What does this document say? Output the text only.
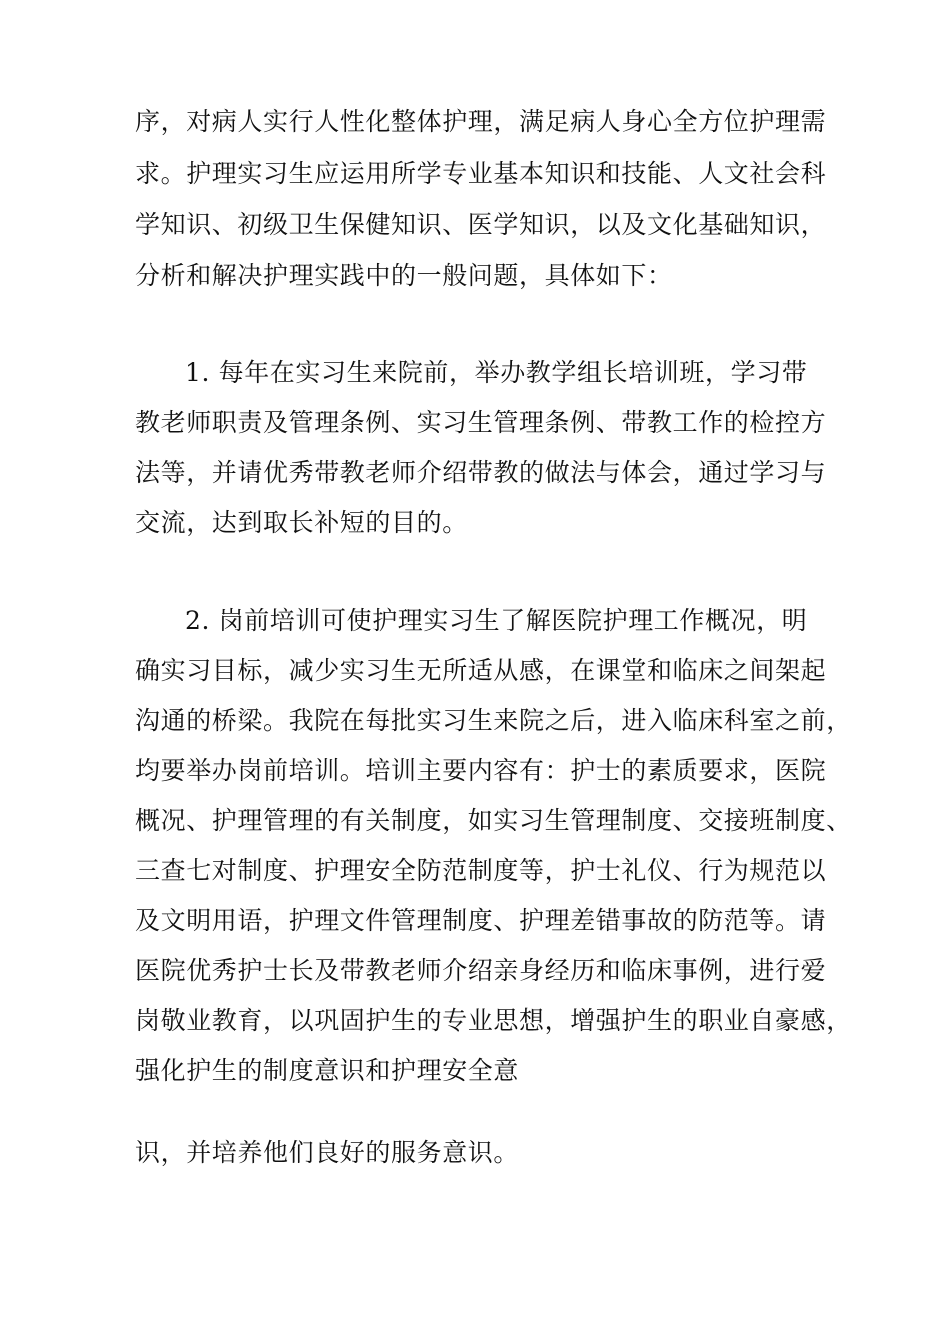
序，对病人实行人性化整体护理，满足病人身心全方位护理需
求。护理实习生应运用所学专业基本知识和技能、人文社会科
学知识、初级卫生保健知识、医学知识，以及文化基础知识，
分析和解决护理实践中的一般问题，具体如下：
1. 每年在实习生来院前，举办教学组长培训班，学习带
教老师职责及管理条例、实习生管理条例、带教工作的检控方
法等，并请优秀带教老师介绍带教的做法与体会，通过学习与
交流，达到取长补短的目的。
2. 岗前培训可使护理实习生了解医院护理工作概况，明
确实习目标，减少实习生无所适从感，在课堂和临床之间架起
沟通的桥梁。我院在每批实习生来院之后，进入临床科室之前，
均要举办岗前培训。培训主要内容有：护士的素质要求，医院
概况、护理管理的有关制度，如实习生管理制度、交接班制度、
三查七对制度、护理安全防范制度等，护士礼仪、行为规范以
及文明用语，护理文件管理制度、护理差错事故的防范等。请
医院优秀护士长及带教老师介绍亲身经历和临床事例，进行爱
岗敬业教育，以巩固护生的专业思想，增强护生的职业自豪感，
强化护生的制度意识和护理安全意
识，并培养他们良好的服务意识。
